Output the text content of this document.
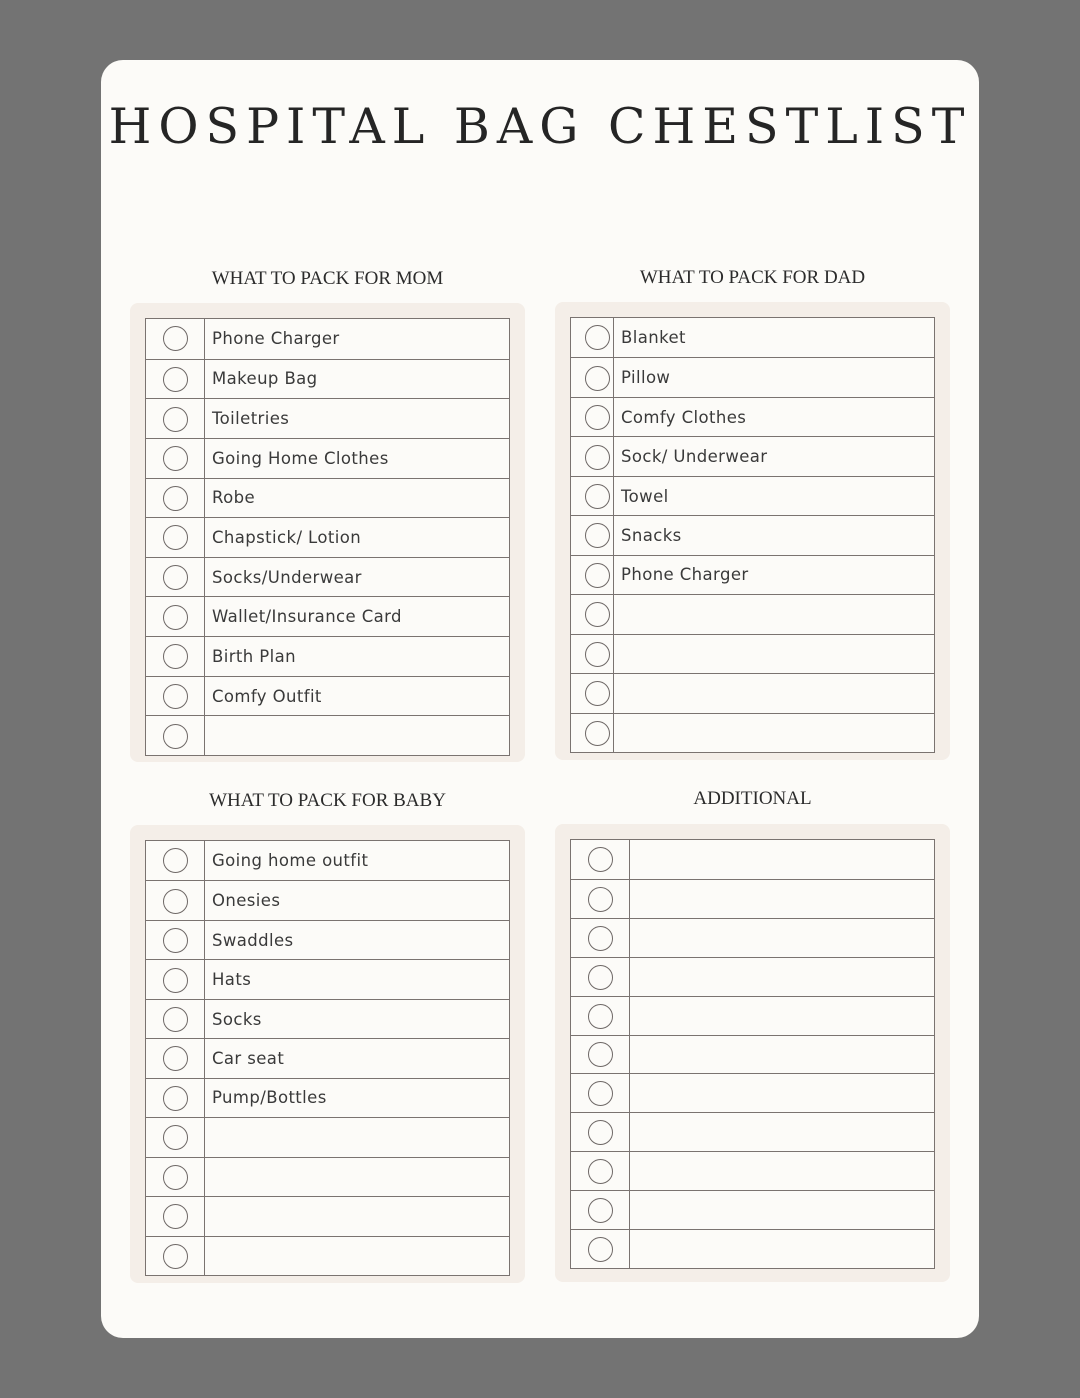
HOSPITAL BAG CHESTLIST
WHAT TO PACK FOR MOM
Phone Charger
Makeup Bag
Toiletries
Going Home Clothes
Robe
Chapstick/ Lotion
Socks/Underwear
Wallet/Insurance Card
Birth Plan
Comfy Outfit
WHAT TO PACK FOR DAD
Blanket
Pillow
Comfy Clothes
Sock/ Underwear
Towel
Snacks
Phone Charger
WHAT TO PACK FOR BABY
Going home outfit
Onesies
Swaddles
Hats
Socks
Car seat
Pump/Bottles
ADDITIONAL
